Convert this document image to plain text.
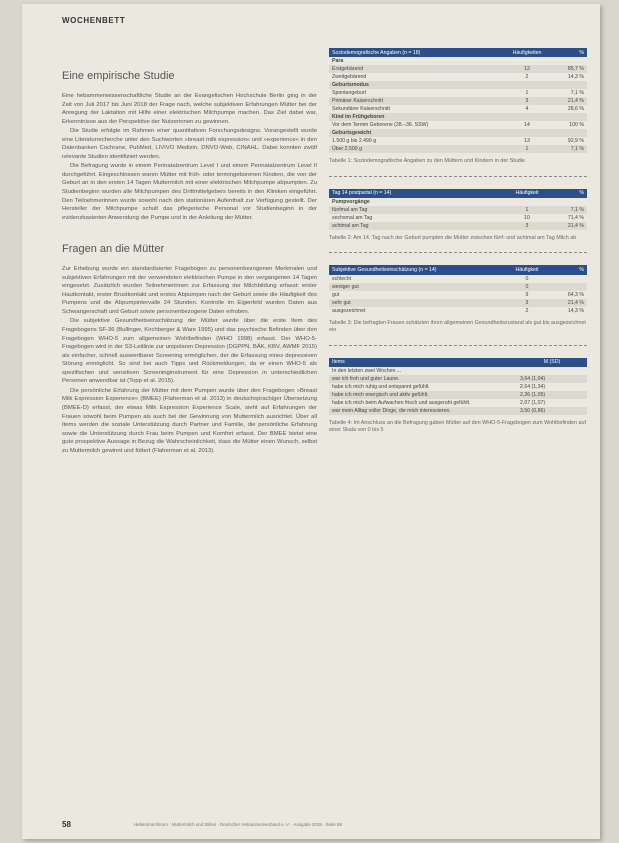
WOCHENBETT
Eine empirische Studie

Eine hebammenwissenschaftliche Studie an der Evangelischen Hochschule Berlin ging in der Zeit von Juli 2017 bis Juni 2018 der Frage nach, welche subjektiven Erfahrungen Mütter bei der Anregung der Laktation mit Hilfe einer elektrischen Milchpumpe machen. Das Ziel dabei war, Erkenntnisse aus der Perspektive der Nutzerinnen zu gewinnen.

Die Studie erfolgte im Rahmen einer quantitativen Forschungsdesigns. Vorangestellt wurde eine Literaturrecherche unter den Suchworten »breast milk expression« und »experience« in den Datenbanken Cochrane, PubMed, LIVIVO Medizin, DNVO-Web, CINAHL. Dabei konnten zwölf relevante Studien identifiziert werden.

Die Befragung wurde in einem Perinatalzentrum Level I und einem Perinatalzentrum Level II durchgeführt. Eingeschlossen waren Mütter mit früh- oder termingeborenen Kindern, die von der Geburt an in den ersten 14 Tagen Muttermilch mit einer elektrischen Milchpumpe abpumpten. Zu Studienbeginn wurden alle Milchpumpen des Drittmittelgebers bereits in den Kliniken eingeführt. Den Teilnehmerinnen wurde sowohl nach den stationären Aufenthalt zur Verfügung gestellt. Der Hersteller der Milchpumpe schult das pflegerische Personal vor Studienbeginn in der evidenzbasierten Anwendung der Pumpe und in der Anleitung der Mütter.

Fragen an die Mütter

Zur Erhebung wurde ein standardisierter Fragebogen zu personenbezogenen Merkmalen und subjektiven Erfahrungen mit der verwendeten elektrischen Pumpe in den vergangenen 14 Tagen eingesetzt. Zusätzlich wurden Teilnehmerinnen zur Erfassung der Milchbildung erfasst: erster Hautkontakt, erster Brustkontakt und erstes Abpumpen nach der Geburt sowie die Häufigkeit des Pumpens und die Abpumpintervalle 24 Stunden. Kontrolle im Eigenfeld wurden Daten aus Schwangerschaft und Geburt sowie personenbezogene Daten erhoben.

Die subjektive Gesundheitseinschätzung der Mütter wurde über die erste Item des Fragebogens SF-36 (Bullinger, Kirchberger & Ware 1995) und das psychische Befinden über den Fragebogen WHO-5 zum allgemeinen Wohlbefinden (WHO 1998) erfasst. Der WHO-5-Fragebogen wird in der S3-Leitlinie zur unipolaren Depression (DGPPN, BÄK, KBV, AWMF 2015) als einfacher, schnell auswertbarer Screening ermöglichen, der die Erfassung eines depressiven Störung ermöglicht. So sind bei auch Tipps und Rückmeldungen, da er einen WHO-5 als spezifischen und sensitiven Screeninginstrument für eine Depression in unterschiedlichen Personen anwendbar ist (Topp et al. 2015).

Die persönliche Erfahrung der Mütter mit dem Pumpen wurde über den Fragebogen »Breast Milk Expression Experience« (BMEE) (Flaherman et al. 2013) in deutschsprachiger Übersetzung (BMEE-D) erfasst, der etwas Milk Expression Experience Scale, sieht auf Erfahrungen der Frauen sowohl beim Pumpen als auch bei der Gewinnung von Muttermilch ausrichtet. Über all Items werden die soziale Unterstützung durch Partner und Familie, die persönliche Erfahrung sowie die Unterstützung durch Frau beim Pumpen und Komfort erfasst. Der BMEE bietet eine gute prospektive Aussage in Bezug die Wahrscheinlichkeit, dass die Mütter einen Wunsch, selbst zu Muttermilch gewinnt und füttert (Flaherman et al. 2013).

Soziodemografische Angaben (n = 18)	Häufigkeiten	%
Para		
Erstgebärend	12	85,7 %
Zweitgebärend	2	14,3 %
Geburtsmodus		
Spontangeburt	1	7,1 %
Primärer Kaiserschnitt	3	21,4 %
Sekundärer Kaiserschnitt	4	28,6 %
Kind im Frühgeboren		
Vor dem Termin Geborene (28.–36. SSW)	14	100 %
Geburtsgewicht		
1.500 g bis 2.499 g	13	92,9 %
Über 2.500 g	1	7,1 %

Tabelle 1: Soziodemografische Angaben zu den Müttern und Kindern in der Studie

Tag 14 postpartal (n = 14)	Häufigkeit	%
Pumpvorgänge		
fünfmal am Tag	1	7,1 %
sechsmal am Tag	10	71,4 %
achtmal am Tag	3	21,4 %

Tabelle 2: Am 14. Tag nach der Geburt pumpten die Mütter zwischen fünf- und achtmal am Tag Milch ab

Subjektive Gesundheitseinschätzung (n = 14)	Häufigkeit	%
schlecht	0	
weniger gut	0	
gut	9	64,3 %
sehr gut	3	21,4 %
ausgezeichnet	2	14,3 %

Tabelle 3: Die befragten Frauen schätzten ihren allgemeinen Gesundheitszustand als gut bis ausgezeichnet ein

Items	M (SD)
In den letzten zwei Wochen ...	
war ich froh und guter Laune.	3,64 (1,04)
habe ich mich ruhig und entspannt gefühlt.	2,64 (1,34)
habe ich mich energisch und aktiv gefühlt.	2,36 (1,05)
habe ich mich beim Aufwachen frisch und ausgeruht gefühlt.	2,07 (1,07)
war mein Alltag voller Dinge, die mich interessieren.	3,50 (0,86)

Tabelle 4: Im Anschluss an die Befragung gaben Mütter auf den WHO-5-Fragebogen zum Wohlbefinden auf einer Skala von 0 bis 5

58	Hebammenforum · Muttermilch und Stillen · Deutscher Hebammenverband e. V. · Ausgabe 2019 · Seite 58
